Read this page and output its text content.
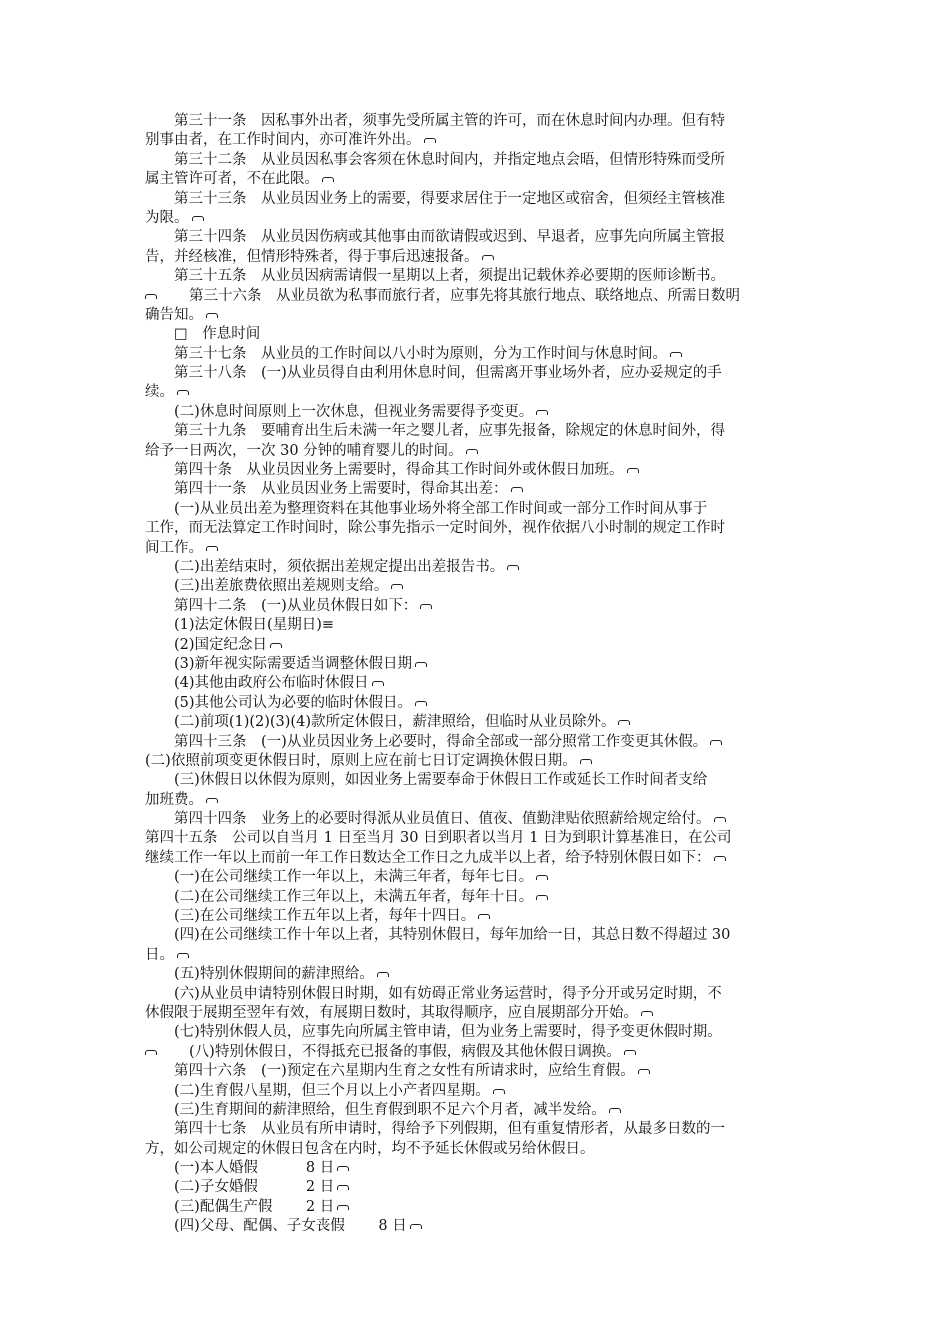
　　第三十一条　因私事外出者，须事先受所属主管的许可，而在休息时间内办理。但有特
别事由者，在工作时间内，亦可准许外出。
　　第三十二条　从业员因私事会客须在休息时间内，并指定地点会晤，但情形特殊而受所
属主管许可者，不在此限。
　　第三十三条　从业员因业务上的需要，得要求居住于一定地区或宿舍，但须经主管核准
为限。
　　第三十四条　从业员因伤病或其他事由而欲请假或迟到、早退者，应事先向所属主管报
告，并经核准，但情形特殊者，得于事后迅速报备。
　　第三十五条　从业员因病需请假一星期以上者，须提出记载休养必要期的医师诊断书。
　　第三十六条　从业员欲为私事而旅行者，应事先将其旅行地点、联络地点、所需日数明
确告知。
　　□　作息时间
　　第三十七条　从业员的工作时间以八小时为原则，分为工作时间与休息时间。
　　第三十八条　(一)从业员得自由利用休息时间，但需离开事业场外者，应办妥规定的手
续。
　　(二)休息时间原则上一次休息，但视业务需要得予变更。
　　第三十九条　要哺育出生后未满一年之婴儿者，应事先报备，除规定的休息时间外，得
给予一日两次，一次 30 分钟的哺育婴儿的时间。
　　第四十条　从业员因业务上需要时，得命其工作时间外或休假日加班。
　　第四十一条　从业员因业务上需要时，得命其出差：
　　(一)从业员出差为整理资料在其他事业场外将全部工作时间或一部分工作时间从事于
工作，而无法算定工作时间时，除公事先指示一定时间外，视作依据八小时制的规定工作时
间工作。
　　(二)出差结束时，须依据出差规定提出出差报告书。
　　(三)出差旅费依照出差规则支给。
　　第四十二条　(一)从业员休假日如下：
　　(1)法定休假日(星期日)≡
　　(2)国定纪念日
　　(3)新年视实际需要适当调整休假日期
　　(4)其他由政府公布临时休假日
　　(5)其他公司认为必要的临时休假日。
　　(二)前项(1)(2)(3)(4)款所定休假日，薪津照给，但临时从业员除外。
　　第四十三条　(一)从业员因业务上必要时，得命全部或一部分照常工作变更其休假。
(二)依照前项变更休假日时，原则上应在前七日订定调换休假日期。
　　(三)休假日以休假为原则，如因业务上需要奉命于休假日工作或延长工作时间者支给
加班费。
　　第四十四条　业务上的必要时得派从业员值日、值夜、值勤津贴依照薪给规定给付。
第四十五条　公司以自当月 1 日至当月 30 日到职者以当月 1 日为到职计算基准日，在公司
继续工作一年以上而前一年工作日数达全工作日之九成半以上者，给予特别休假日如下：
　　(一)在公司继续工作一年以上，未满三年者，每年七日。
　　(二)在公司继续工作三年以上，未满五年者，每年十日。
　　(三)在公司继续工作五年以上者，每年十四日。
　　(四)在公司继续工作十年以上者，其特别休假日，每年加给一日，其总日数不得超过 30
日。
　　(五)特别休假期间的薪津照给。
　　(六)从业员申请特别休假日时期，如有妨碍正常业务运营时，得予分开或另定时期，不
休假限于展期至翌年有效，有展期日数时，其取得顺序，应自展期部分开始。
　　(七)特别休假人员，应事先向所属主管申请，但为业务上需要时，得予变更休假时期。
　　(八)特别休假日，不得抵充已报备的事假，病假及其他休假日调换。
　　第四十六条　(一)预定在六星期内生育之女性有所请求时，应给生育假。
　　(二)生育假八星期，但三个月以上小产者四星期。
　　(三)生育期间的薪津照给，但生育假到职不足六个月者，减半发给。
　　第四十七条　从业员有所申请时，得给予下列假期，但有重复情形者，从最多日数的一
方，如公司规定的休假日包含在内时，均不予延长休假或另给休假日。
　　(一)本人婚假　　　 8 日
　　(二)子女婚假　　　 2 日
　　(三)配偶生产假　　 2 日
　　(四)父母、配偶、子女丧假　　 8 日
